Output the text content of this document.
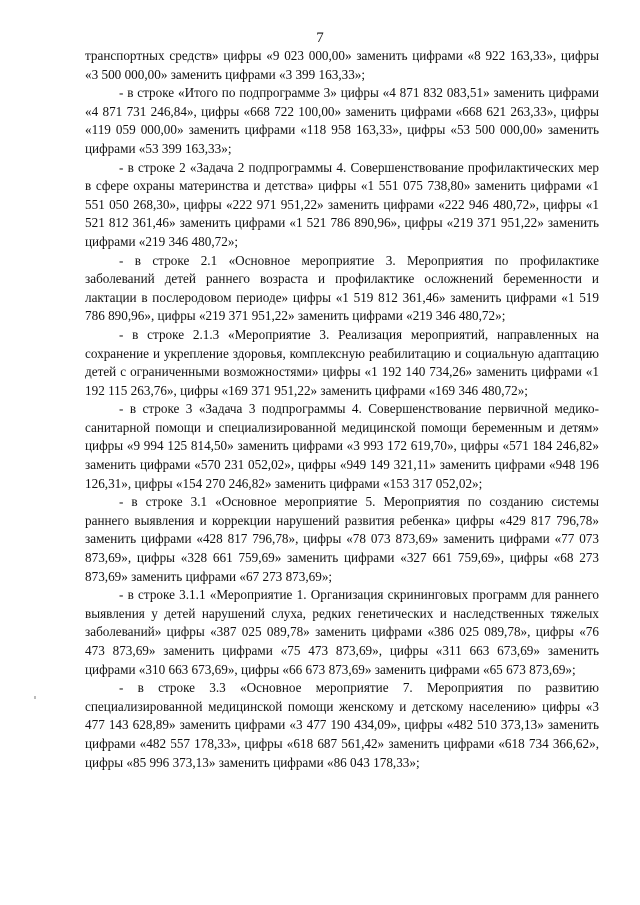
7

транспортных средств» цифры «9 023 000,00» заменить цифрами «8 922 163,33», цифры «3 500 000,00» заменить цифрами «3 399 163,33»;

- в строке «Итого по подпрограмме 3» цифры «4 871 832 083,51» заменить цифрами «4 871 731 246,84», цифры «668 722 100,00» заменить цифрами «668 621 263,33», цифры «119 059 000,00» заменить цифрами «118 958 163,33», цифры «53 500 000,00» заменить цифрами «53 399 163,33»;

- в строке 2 «Задача 2 подпрограммы 4. Совершенствование профилактических мер в сфере охраны материнства и детства» цифры «1 551 075 738,80» заменить цифрами «1 551 050 268,30», цифры «222 971 951,22» заменить цифрами «222 946 480,72», цифры «1 521 812 361,46» заменить цифрами «1 521 786 890,96», цифры «219 371 951,22» заменить цифрами «219 346 480,72»;

- в строке 2.1 «Основное мероприятие 3. Мероприятия по профилактике заболеваний детей раннего возраста и профилактике осложнений беременности и лактации в послеродовом периоде» цифры «1 519 812 361,46» заменить цифрами «1 519 786 890,96», цифры «219 371 951,22» заменить цифрами «219 346 480,72»;

- в строке 2.1.3 «Мероприятие 3. Реализация мероприятий, направленных на сохранение и укрепление здоровья, комплексную реабилитацию и социальную адаптацию детей с ограниченными возможностями» цифры «1 192 140 734,26» заменить цифрами «1 192 115 263,76», цифры «169 371 951,22» заменить цифрами «169 346 480,72»;

- в строке 3 «Задача 3 подпрограммы 4. Совершенствование первичной медико-санитарной помощи и специализированной медицинской помощи беременным и детям» цифры «9 994 125 814,50» заменить цифрами «3 993 172 619,70», цифры «571 184 246,82» заменить цифрами «570 231 052,02», цифры «949 149 321,11» заменить цифрами «948 196 126,31», цифры «154 270 246,82» заменить цифрами «153 317 052,02»;

- в строке 3.1 «Основное мероприятие 5. Мероприятия по созданию системы раннего выявления и коррекции нарушений развития ребенка» цифры «429 817 796,78» заменить цифрами «428 817 796,78», цифры «78 073 873,69» заменить цифрами «77 073 873,69», цифры «328 661 759,69» заменить цифрами «327 661 759,69», цифры «68 273 873,69» заменить цифрами «67 273 873,69»;

- в строке 3.1.1 «Мероприятие 1. Организация скрининговых программ для раннего выявления у детей нарушений слуха, редких генетических и наследственных тяжелых заболеваний» цифры «387 025 089,78» заменить цифрами «386 025 089,78», цифры «76 473 873,69» заменить цифрами «75 473 873,69», цифры «311 663 673,69» заменить цифрами «310 663 673,69», цифры «66 673 873,69» заменить цифрами «65 673 873,69»;

- в строке 3.3 «Основное мероприятие 7. Мероприятия по развитию специализированной медицинской помощи женскому и детскому населению» цифры «3 477 143 628,89» заменить цифрами «3 477 190 434,09», цифры «482 510 373,13» заменить цифрами «482 557 178,33», цифры «618 687 561,42» заменить цифрами «618 734 366,62», цифры «85 996 373,13» заменить цифрами «86 043 178,33»;
